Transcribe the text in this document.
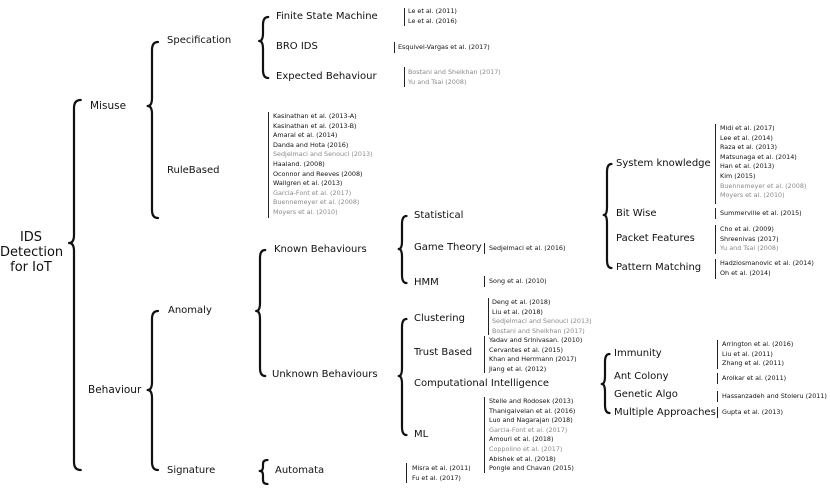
IDS
Detection
for IoT
Misuse
Behaviour
Specification
RuleBased
Anomaly
Signature
Finite State Machine
BRO IDS
Expected Behaviour
Known Behaviours
Unknown Behaviours
Automata
Statistical
Game Theory
HMM
Clustering
Trust Based
Computational Intelligence
ML
System knowledge
Bit Wise
Packet Features
Pattern Matching
Immunity
Ant Colony
Genetic Algo
Multiple Approaches
Le et al. (2011)
Le et al. (2016)
Esquivel-Vargas et al. (2017)
Bostani and Sheikhan (2017)
Yu and Tsai (2008)
Kasinathan et al. (2013-A)
Kasinathan et al. (2013-B)
Amaral et al. (2014)
Danda and Hota (2016)
Sedjelmaci and Senouci (2013)
Haaland. (2008)
Oconnor and Reeves (2008)
Wallgren et al. (2013)
Garcia-Font et al. (2017)
Buennemeyer et al. (2008)
Moyers et al. (2010)
Sedjelmaci et al. (2016)
Song et al. (2010)
Deng et al. (2018)
Liu et al. (2018)
Sedjelmaci and Senouci (2013)
Bostani and Sheikhan (2017)
Yadav and Srinivasan. (2010)
Cervantes et al. (2015)
Khan and Herrmann (2017)
Jiang et al. (2012)
Stelle and Rodosek (2013)
Thanigaivelan et al. (2016)
Luo and Nagarajan (2018)
Garcia-Font et al. (2017)
Amouri et al. (2018)
Coppolino et al. (2017)
Abishek et al. (2018)
Pongle and Chavan (2015)
Misra et al. (2011)
Fu et al. (2017)
Midi et al. (2017)
Lee et al. (2014)
Raza et al. (2013)
Matsunaga et al. (2014)
Han et al. (2013)
Kim (2015)
Buennemeyer et al. (2008)
Moyers et al. (2010)
Summerville et al. (2015)
Cho et al. (2009)
Shreenivas (2017)
Yu and Tsai (2008)
Hadziosmanovic et al. (2014)
Oh et al. (2014)
Arrington et al. (2016)
Liu et al. (2011)
Zhang et al. (2011)
Arolkar et al. (2011)
Hassanzadeh and Stoleru (2011)
Gupta et al. (2013)
